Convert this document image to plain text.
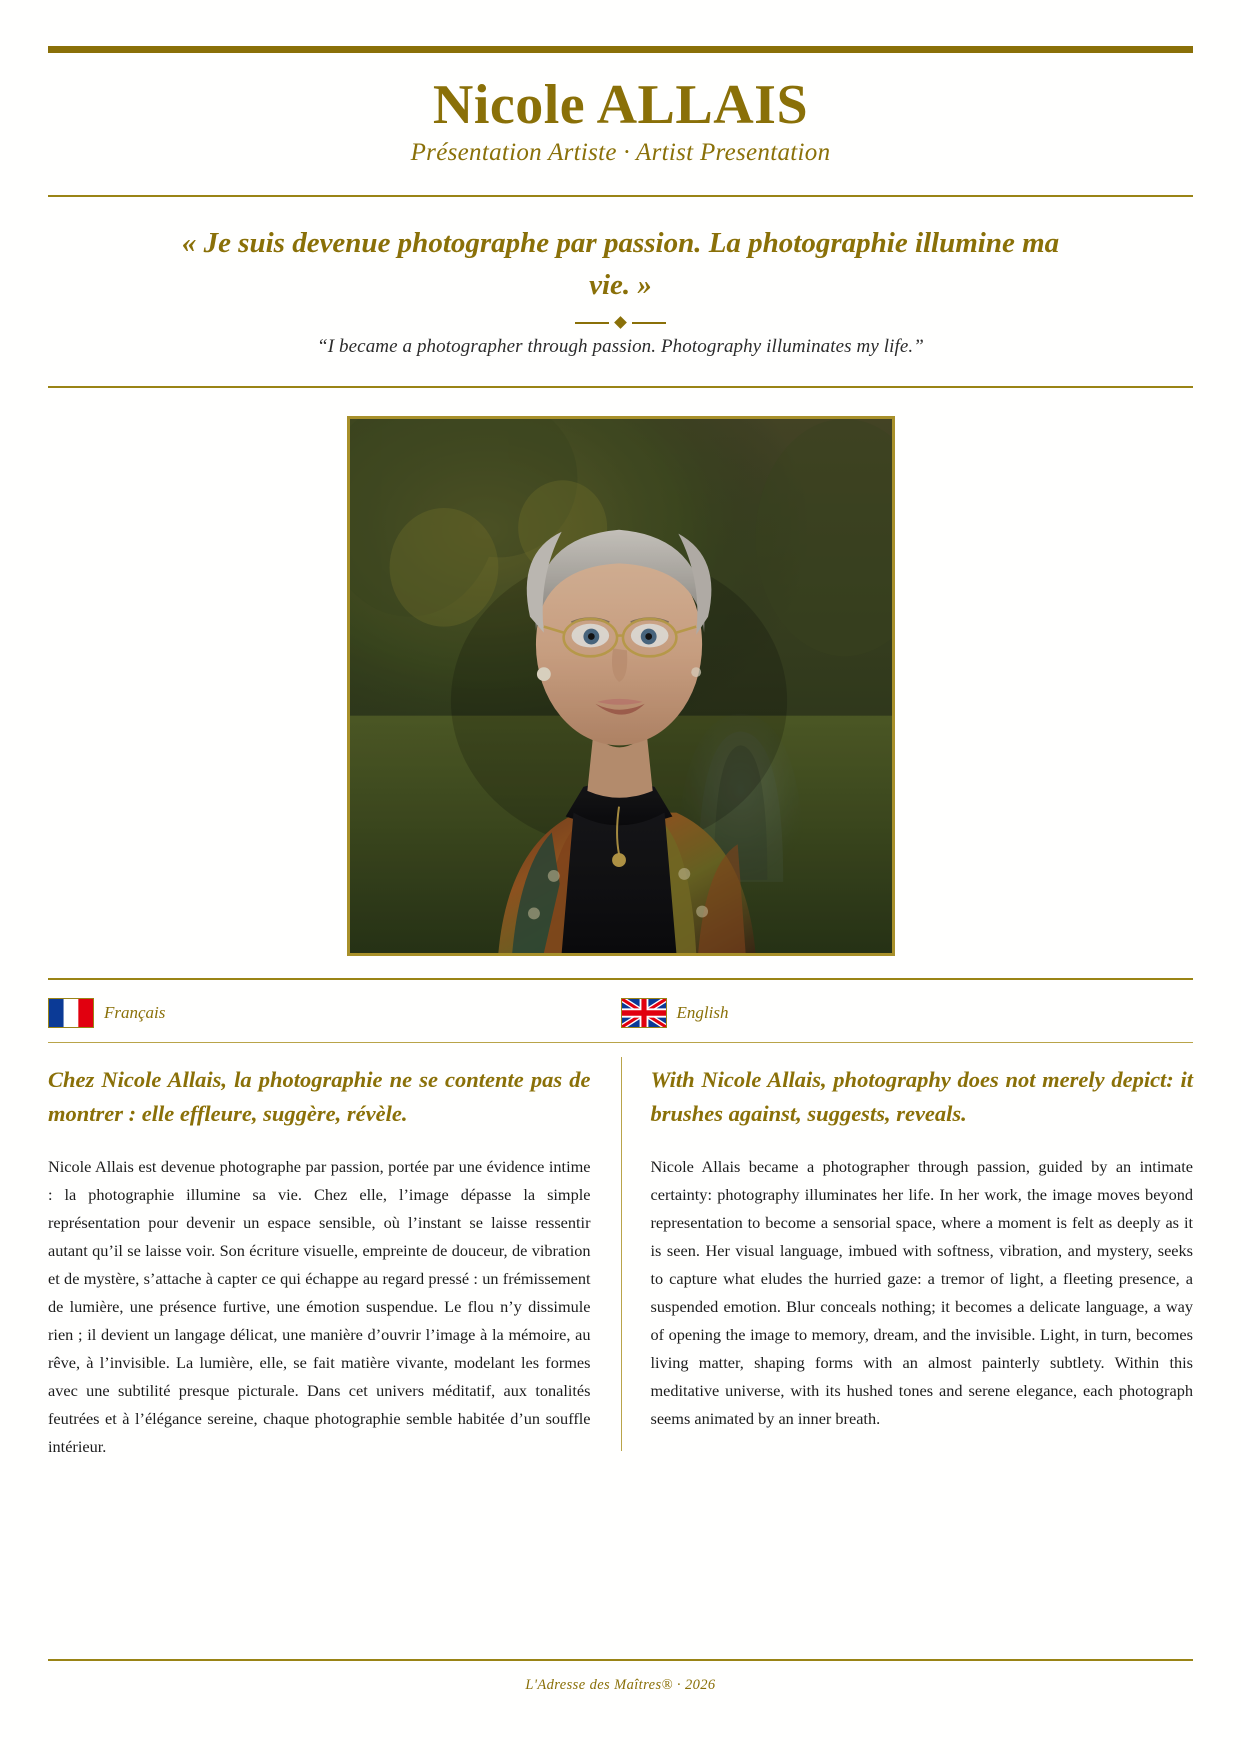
Nicole ALLAIS
Présentation Artiste · Artist Presentation
« Je suis devenue photographe par passion. La photographie illumine ma vie. »
“I became a photographer through passion. Photography illuminates my life.”
Français	English

Chez Nicole Allais, la photographie ne se contente pas de montrer : elle effleure, suggère, révèle.

Nicole Allais est devenue photographe par passion, portée par une évidence intime : la photographie illumine sa vie. Chez elle, l’image dépasse la simple représentation pour devenir un espace sensible, où l’instant se laisse ressentir autant qu’il se laisse voir. Son écriture visuelle, empreinte de douceur, de vibration et de mystère, s’attache à capter ce qui échappe au regard pressé : un frémissement de lumière, une présence furtive, une émotion suspendue. Le flou n’y dissimule rien ; il devient un langage délicat, une manière d’ouvrir l’image à la mémoire, au rêve, à l’invisible. La lumière, elle, se fait matière vivante, modelant les formes avec une subtilité presque picturale. Dans cet univers méditatif, aux tonalités feutrées et à l’élégance sereine, chaque photographie semble habitée d’un souffle intérieur.

With Nicole Allais, photography does not merely depict: it brushes against, suggests, reveals.

Nicole Allais became a photographer through passion, guided by an intimate certainty: photography illuminates her life. In her work, the image moves beyond representation to become a sensorial space, where a moment is felt as deeply as it is seen. Her visual language, imbued with softness, vibration, and mystery, seeks to capture what eludes the hurried gaze: a tremor of light, a fleeting presence, a suspended emotion. Blur conceals nothing; it becomes a delicate language, a way of opening the image to memory, dream, and the invisible. Light, in turn, becomes living matter, shaping forms with an almost painterly subtlety. Within this meditative universe, with its hushed tones and serene elegance, each photograph seems animated by an inner breath.

L'Adresse des Maîtres® · 2026
